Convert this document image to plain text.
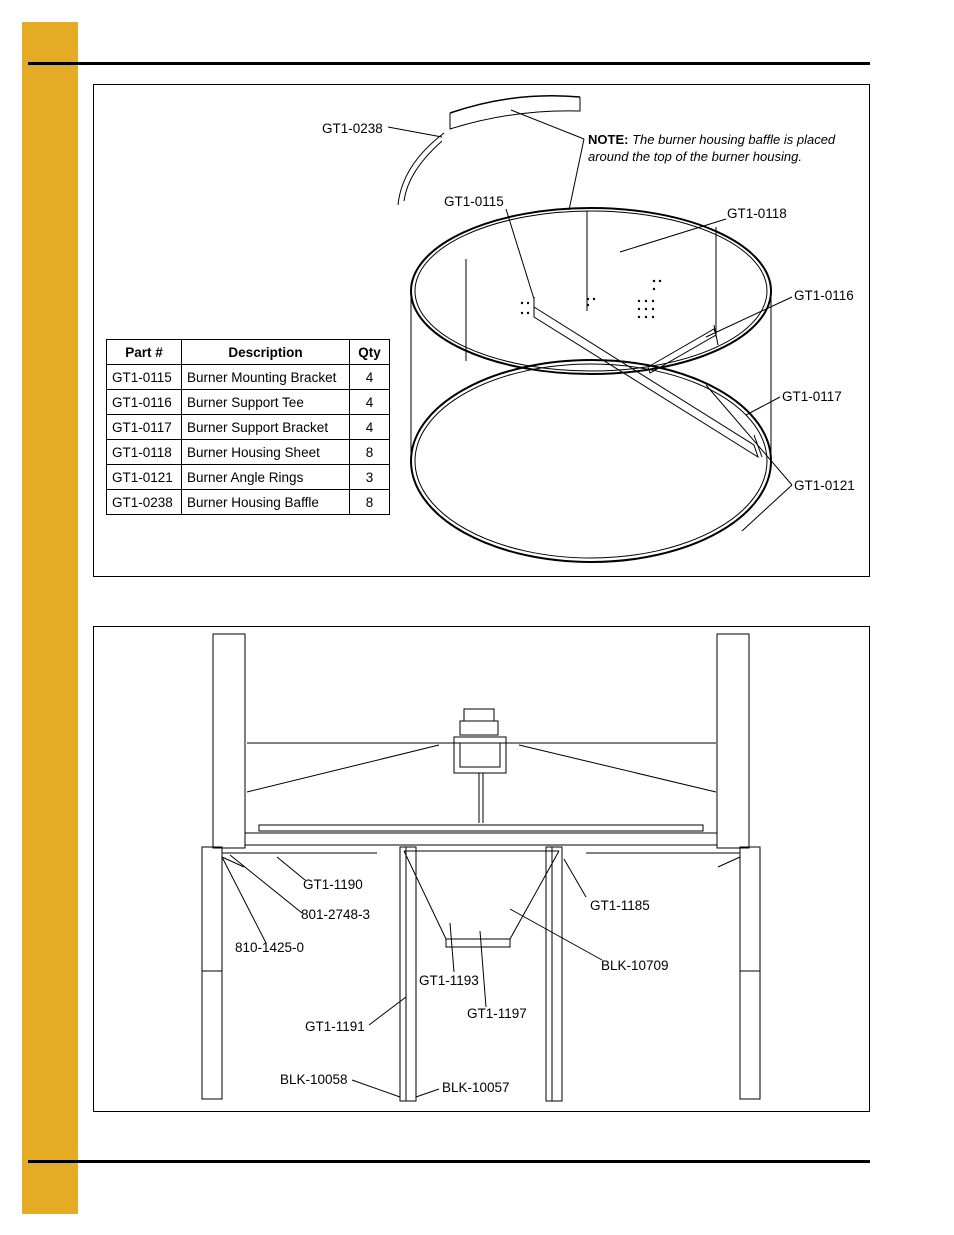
GT1-0238
NOTE: The burner housing baffle is placed around the top of the burner housing.
GT1-0115
GT1-0118
GT1-0116
GT1-0117
GT1-0121
Part #	Description	Qty
GT1-0115	Burner Mounting Bracket	4
GT1-0116	Burner Support Tee	4
GT1-0117	Burner Support Bracket	4
GT1-0118	Burner Housing Sheet	8
GT1-0121	Burner Angle Rings	3
GT1-0238	Burner Housing Baffle	8
GT1-1190
801-2748-3
810-1425-0
GT1-1185
BLK-10709
GT1-1193
GT1-1197
GT1-1191
BLK-10058
BLK-10057
